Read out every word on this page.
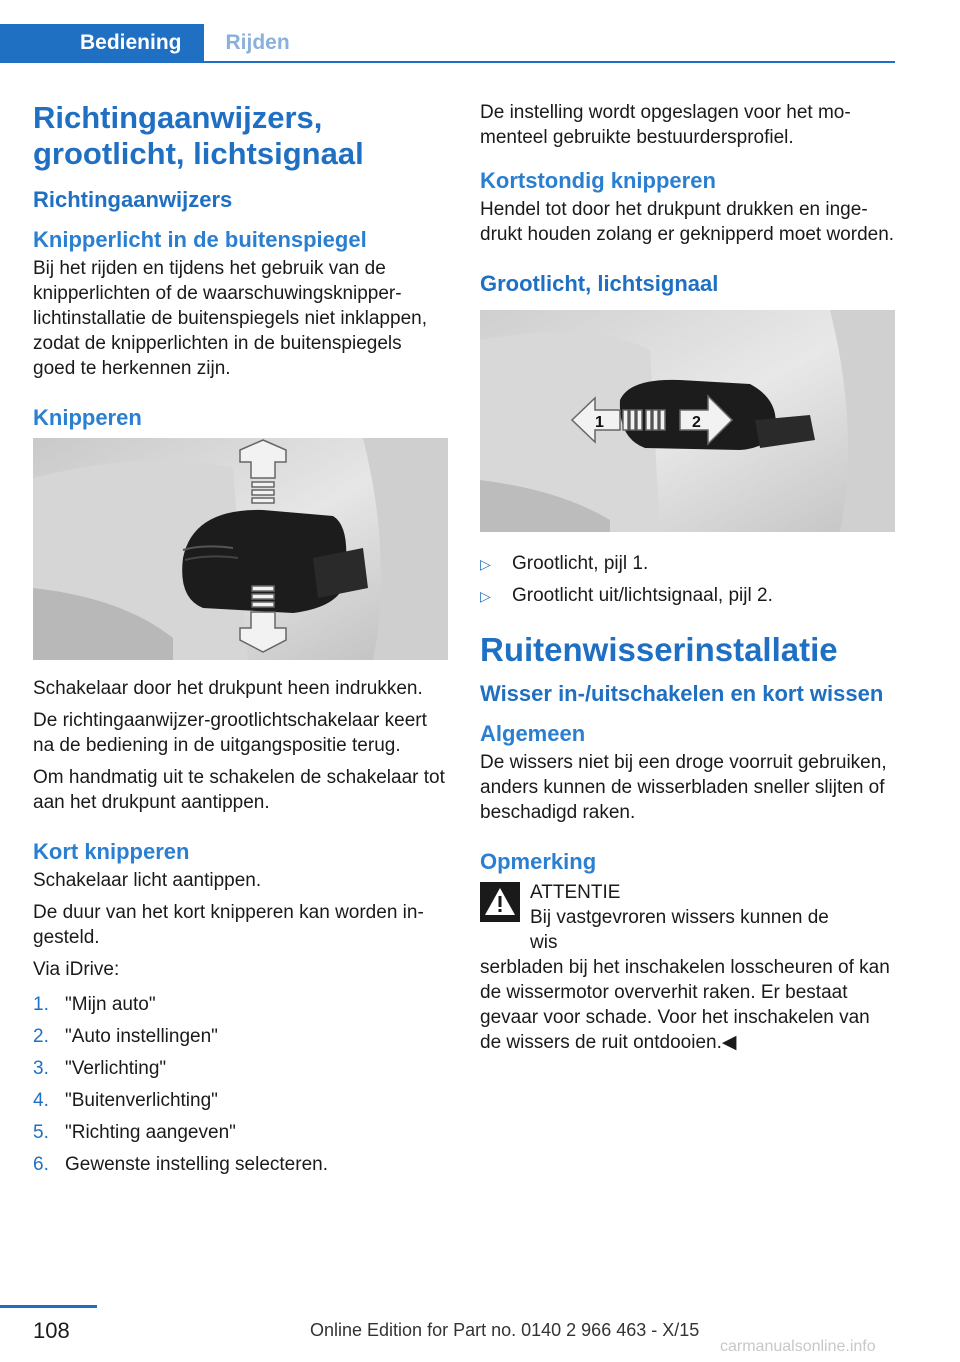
Bediening	Rijden
Richtingaanwijzers, grootlicht, lichtsignaal
Richtingaanwijzers
Knipperlicht in de buitenspiegel

Bij het rijden en tijdens het gebruik van de knipperlichten of de waarschuwingsknipperlichtinstallatie de buitenspiegels niet inklappen, zodat de knipperlichten in de buitenspiegels goed te herkennen zijn.

Knipperen

Schakelaar door het drukpunt heen indrukken.

De richtingaanwijzer-grootlichtschakelaar keert na de bediening in de uitgangspositie terug.

Om handmatig uit te schakelen de schakelaar tot aan het drukpunt aantippen.

Kort knipperen

Schakelaar licht aantippen.

De duur van het kort knipperen kan worden ingesteld.

Via iDrive:

1. "Mijn auto"
2. "Auto instellingen"
3. "Verlichting"
4. "Buitenverlichting"
5. "Richting aangeven"
6. Gewenste instelling selecteren.

De instelling wordt opgeslagen voor het momenteel gebruikte bestuurdersprofiel.

Kortstondig knipperen

Hendel tot door het drukpunt drukken en ingedrukt houden zolang er geknipperd moet worden.

Grootlicht, lichtsignaal
1	2
▷	Grootlicht, pijl 1.
▷	Grootlicht uit/lichtsignaal, pijl 2.
Ruitenwisserinstallatie
Wisser in-/uitschakelen en kort wissen
Algemeen

De wissers niet bij een droge voorruit gebruiken, anders kunnen de wisserbladen sneller slijten of beschadigd raken.

Opmerking
ATTENTIE

Bij vastgevroren wissers kunnen de wis

serbladen bij het inschakelen losscheuren of kan de wissermotor oververhit raken. Er bestaat gevaar voor schade. Voor het inschakelen van de wissers de ruit ontdooien.◀

108	Online Edition for Part no. 0140 2 966 463 - X/15
carmanualsonline.info
